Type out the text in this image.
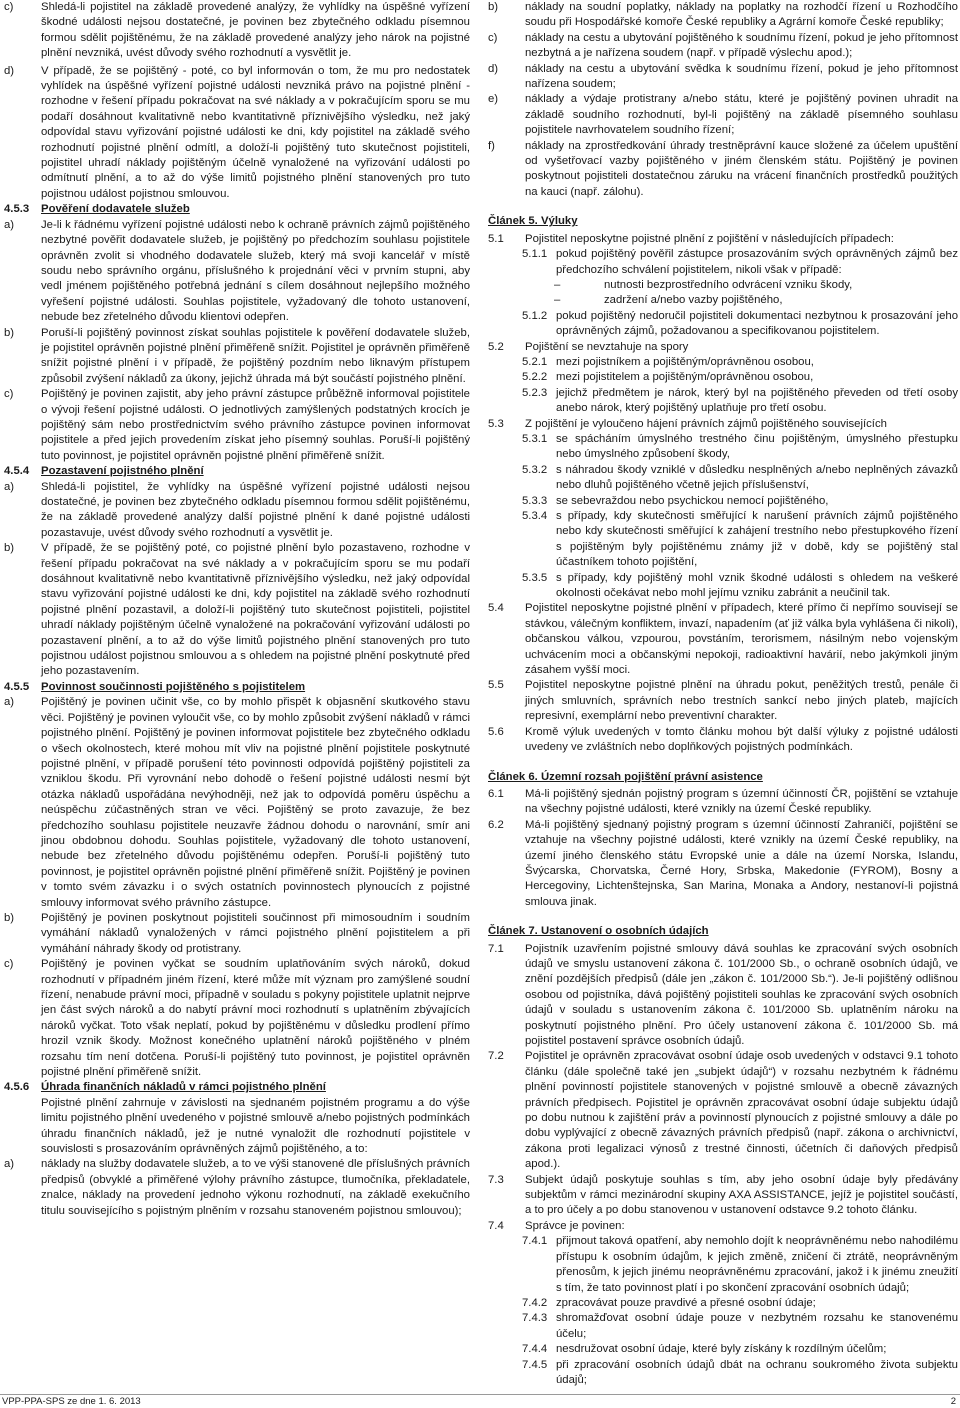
c)	Shledá-li pojistitel na základě provedené analýzy, že vyhlídky na úspěšné vyřízení škodné události nejsou dostatečné, je povinen bez zbytečného odkladu písemnou formou sdělit pojištěnému, že na základě provedené analýzy jeho nárok na pojistné plnění nevzniká, uvést důvody svého rozhodnutí a vysvětlit je.
d)	V případě, že se pojištěný - poté, co byl informován o tom, že mu pro nedostatek vyhlídek na úspěšné vyřízení pojistné události nevzniká právo na pojistné plnění - rozhodne v řešení případu pokračovat na své náklady a v pokračujícím sporu se mu podaří dosáhnout kvalitativně nebo kvantitativně příznivějšího výsledku, než jaký odpovídal stavu vyřizování pojistné události ke dni, kdy pojistitel na základě svého rozhodnutí pojistné plnění odmítl, a doloží-li pojištěný tuto skutečnost pojistiteli, pojistitel uhradí náklady pojištěným účelně vynaložené na vyřizování události po odmítnutí plnění, a to až do výše limitů pojistného plnění stanovených pro tuto pojistnou událost pojistnou smlouvou.
4.5.3	Pověření dodavatele služeb
a)	Je-li k řádnému vyřízení pojistné události nebo k ochraně právních zájmů pojištěného nezbytné pověřit dodavatele služeb, je pojištěný po předchozím souhlasu pojistitele oprávněn zvolit si vhodného dodavatele služeb, který má svoji kancelář v místě soudu nebo správního orgánu, příslušného k projednání věci v prvním stupni, aby vedl jménem pojištěného potřebná jednání s cílem dosáhnout nejlepšího možného vyřešení pojistné události. Souhlas pojistitele, vyžadovaný dle tohoto ustanovení, nebude bez zřetelného důvodu klientovi odepřen.
b)	Poruší-li pojištěný povinnost získat souhlas pojistitele k pověření dodavatele služeb, je pojistitel oprávněn pojistné plnění přiměřeně snížit. Pojistitel je oprávněn přiměřeně snížit pojistné plnění i v případě, že pojištěný pozdním nebo liknavým přístupem způsobil zvýšení nákladů za úkony, jejichž úhrada má být součástí pojistného plnění.
c)	Pojištěný je povinen zajistit, aby jeho právní zástupce průběžně informoval pojistitele o vývoji řešení pojistné události. O jednotlivých zamýšlených podstatných krocích je pojištěný sám nebo prostřednictvím svého právního zástupce povinen informovat pojistitele a před jejich provedením získat jeho písemný souhlas. Poruší-li pojištěný tuto povinnost, je pojistitel oprávněn pojistné plnění přiměřeně snížit.
4.5.4	Pozastavení pojistného plnění
a)	Shledá-li pojistitel, že vyhlídky na úspěšné vyřízení pojistné události nejsou dostatečné, je povinen bez zbytečného odkladu písemnou formou sdělit pojištěnému, že na základě provedené analýzy další pojistné plnění k dané pojistné události pozastavuje, uvést důvody svého rozhodnutí a vysvětlit je.
b)	V případě, že se pojištěný poté, co pojistné plnění bylo pozastaveno, rozhodne v řešení případu pokračovat na své náklady a v pokračujícím sporu se mu podaří dosáhnout kvalitativně nebo kvantitativně příznivějšího výsledku, než jaký odpovídal stavu vyřizování pojistné události ke dni, kdy pojistitel na základě svého rozhodnutí pojistné plnění pozastavil, a doloží-li pojištěný tuto skutečnost pojistiteli, pojistitel uhradí náklady pojištěným účelně vynaložené na pokračování vyřizování události po pozastavení plnění, a to až do výše limitů pojistného plnění stanovených pro tuto pojistnou událost pojistnou smlouvou a s ohledem na pojistné plnění poskytnuté před jeho pozastavením.
4.5.5	Povinnost součinnosti pojištěného s pojistitelem
a)	Pojištěný je povinen učinit vše, co by mohlo přispět k objasnění skutkového stavu věci. Pojištěný je povinen vyloučit vše, co by mohlo způsobit zvýšení nákladů v rámci pojistného plnění. Pojištěný je povinen informovat pojistitele bez zbytečného odkladu o všech okolnostech, které mohou mít vliv na pojistné plnění pojistitele poskytnuté pojistné plnění, v případě porušení této povinnosti odpovídá pojištěný pojistiteli za vzniklou škodu. Při vyrovnání nebo dohodě o řešení pojistné události nesmí být otázka nákladů uspořádána nevýhodněji, než jak to odpovídá poměru úspěchu a neúspěchu zúčastněných stran ve věci. Pojištěný se proto zavazuje, že bez předchozího souhlasu pojistitele neuzavře žádnou dohodu o narovnání, smír ani jinou obdobnou dohodu. Souhlas pojistitele, vyžadovaný dle tohoto ustanovení, nebude bez zřetelného důvodu pojištěnému odepřen. Poruší-li pojištěný tuto povinnost, je pojistitel oprávněn pojistné plnění přiměřeně snížit. Pojištěný je povinen v tomto svém závazku i o svých ostatních povinnostech plynoucích z pojistné smlouvy informovat svého právního zástupce.
b)	Pojištěný je povinen poskytnout pojistiteli součinnost při mimosoudním i soudním vymáhání nákladů vynaložených v rámci pojistného plnění pojistitelem a při vymáhání náhrady škody od protistrany.
c)	Pojištěný je povinen vyčkat se soudním uplatňováním svých nároků, dokud rozhodnutí v případném jiném řízení, které může mít význam pro zamýšlené soudní řízení, nenabude právní moci, případně v souladu s pokyny pojistitele uplatnit nejprve jen část svých nároků a do nabytí právní moci rozhodnutí s uplatněním zbývajících nároků vyčkat. Toto však neplatí, pokud by pojištěnému v důsledku prodlení přímo hrozil vznik škody. Možnost konečného uplatnění nároků pojištěného v plném rozsahu tím není dotčena. Poruší-li pojištěný tuto povinnost, je pojistitel oprávněn pojistné plnění přiměřeně snížit.
4.5.6	Úhrada finančních nákladů v rámci pojistného plnění
Pojistné plnění zahrnuje v závislosti na sjednaném pojistném programu a do výše limitu pojistného plnění uvedeného v pojistné smlouvě a/nebo pojistných podmínkách úhradu finančních nákladů, jež je nutné vynaložit dle rozhodnutí pojistitele v souvislosti s prosazováním oprávněných zájmů pojištěného, a to:
a)	náklady na služby dodavatele služeb, a to ve výši stanovené dle příslušných právních předpisů (obvyklé a přiměřené výlohy právního zástupce, tlumočníka, překladatele, znalce, náklady na provedení jednoho výkonu rozhodnutí, na základě exekučního titulu souvisejícího s pojistným plněním v rozsahu stanoveném pojistnou smlouvou);
b)	náklady na soudní poplatky, náklady na poplatky na rozhodčí řízení u Rozhodčího soudu při Hospodářské komoře České republiky a Agrární komoře České republiky;
c)	náklady na cestu a ubytování pojištěného k soudnímu řízení, pokud je jeho přítomnost nezbytná a je nařízena soudem (např. v případě výslechu apod.);
d)	náklady na cestu a ubytování svědka k soudnímu řízení, pokud je jeho přítomnost nařízena soudem;
e)	náklady a výdaje protistrany a/nebo státu, které je pojištěný povinen uhradit na základě soudního rozhodnutí, byl-li pojištěný na základě písemného souhlasu pojistitele navrhovatelem soudního řízení;
f)	náklady na zprostředkování úhrady trestněprávní kauce složené za účelem upuštění od vyšetřovací vazby pojištěného v jiném členském státu. Pojištěný je povinen poskytnout pojistiteli dostatečnou záruku na vrácení finančních prostředků použitých na kauci (např. zálohu).
Článek 5. Výluky
5.1	Pojistitel neposkytne pojistné plnění z pojištění v následujících případech:
5.1.1 pokud pojištěný pověřil zástupce prosazováním svých oprávněných zájmů bez předchozího schválení pojistitelem, nikoli však v případě:
–	nutnosti bezprostředního odvrácení vzniku škody,
–	zadržení a/nebo vazby pojištěného,
5.1.2 pokud pojištěný nedoručil pojistiteli dokumentaci nezbytnou k prosazování jeho oprávněných zájmů, požadovanou a specifikovanou pojistitelem.
5.2	Pojištění se nevztahuje na spory
5.2.1 mezi pojistníkem a pojištěným/oprávněnou osobou,
5.2.2 mezi pojistitelem a pojištěným/oprávněnou osobou,
5.2.3 jejichž předmětem je nárok, který byl na pojištěného převeden od třetí osoby anebo nárok, který pojištěný uplatňuje pro třetí osobu.
5.3	Z pojištění je vyloučeno hájení právních zájmů pojištěného souvisejících
5.3.1 se spácháním úmyslného trestného činu pojištěným, úmyslného přestupku nebo úmyslného způsobení škody,
5.3.2 s náhradou škody vzniklé v důsledku nesplněných a/nebo neplněných závazků nebo dluhů pojištěného včetně jejich příslušenství,
5.3.3 se sebevraždou nebo psychickou nemocí pojištěného,
5.3.4 s případy, kdy skutečnosti směřující k narušení právních zájmů pojištěného nebo kdy skutečnosti směřující k zahájení trestního nebo přestupkového řízení s pojištěným byly pojištěnému známy již v době, kdy se pojištěný stal účastníkem tohoto pojištění,
5.3.5 s případy, kdy pojištěný mohl vznik škodné události s ohledem na veškeré okolnosti očekávat nebo mohl jejímu vzniku zabránit a neučinil tak.
5.4	Pojistitel neposkytne pojistné plnění v případech, které přímo či nepřímo souvisejí se stávkou, válečným konfliktem, invazí, napadením (ať již válka byla vyhlášena či nikoli), občanskou válkou, vzpourou, povstáním, terorismem, násilným nebo vojenským uchvácením moci a občanskými nepokoji, radioaktivní havárií, nebo jakýmkoli jiným zásahem vyšší moci.
5.5	Pojistitel neposkytne pojistné plnění na úhradu pokut, peněžitých trestů, penále či jiných smluvních, správních nebo trestních sankcí nebo jiných plateb, majících represivní, exemplární nebo preventivní charakter.
5.6	Kromě výluk uvedených v tomto článku mohou být další výluky z pojistné události uvedeny ve zvláštních nebo doplňkových pojistných podmínkách.
Článek 6. Územní rozsah pojištění právní asistence
6.1	Má-li pojištěný sjednán pojistný program s územní účinností ČR, pojištění se vztahuje na všechny pojistné události, které vznikly na území České republiky.
6.2	Má-li pojištěný sjednaný pojistný program s územní účinností Zahraničí, pojištění se vztahuje na všechny pojistné události, které vznikly na území České republiky, na území jiného členského státu Evropské unie a dále na území Norska, Islandu, Švýcarska, Chorvatska, Černé Hory, Srbska, Makedonie (FYROM), Bosny a Hercegoviny, Lichtenštejnska, San Marina, Monaka a Andory, nestanoví-li pojistná smlouva jinak.
Článek 7. Ustanovení o osobních údajích
7.1	Pojistník uzavřením pojistné smlouvy dává souhlas ke zpracování svých osobních údajů ve smyslu ustanovení zákona č. 101/2000 Sb., o ochraně osobních údajů, ve znění pozdějších předpisů (dále jen „zákon č. 101/2000 Sb.“). Je-li pojištěný odlišnou osobou od pojistníka, dává pojištěný pojistiteli souhlas ke zpracování svých osobních údajů v souladu s ustanovením zákona č. 101/2000 Sb. uplatněním nároku na poskytnutí pojistného plnění. Pro účely ustanovení zákona č. 101/2000 Sb. má pojistitel postavení správce osobních údajů.
7.2	Pojistitel je oprávněn zpracovávat osobní údaje osob uvedených v odstavci 9.1 tohoto článku (dále společně také jen „subjekt údajů“) v rozsahu nezbytném k řádnému plnění povinností pojistitele stanovených v pojistné smlouvě a obecně závazných právních předpisech. Pojistitel je oprávněn zpracovávat osobní údaje subjektu údajů po dobu nutnou k zajištění práv a povinností plynoucích z pojistné smlouvy a dále po dobu vyplývající z obecně závazných právních předpisů (např. zákona o archivnictví, zákona proti legalizaci výnosů z trestné činnosti, účetních či daňových předpisů apod.).
7.3	Subjekt údajů poskytuje souhlas s tím, aby jeho osobní údaje byly předávány subjektům v rámci mezinárodní skupiny AXA ASSISTANCE, jejíž je pojistitel součástí, a to pro účely a po dobu stanovenou v ustanovení odstavce 9.2 tohoto článku.
7.4	Správce je povinen:
7.4.1 přijmout taková opatření, aby nemohlo dojít k neoprávněnému nebo nahodilému přístupu k osobním údajům, k jejich změně, zničení či ztrátě, neoprávněným přenosům, k jejich jinému neoprávněnému zpracování, jakož i k jinému zneužití s tím, že tato povinnost platí i po skončení zpracování osobních údajů;
7.4.2 zpracovávat pouze pravdivé a přesné osobní údaje;
7.4.3 shromažďovat osobní údaje pouze v nezbytném rozsahu ke stanovenému účelu;
7.4.4 nesdružovat osobní údaje, které byly získány k rozdílným účelům;
7.4.5 při zpracování osobních údajů dbát na ochranu soukromého života subjektu údajů;
VPP-PPA-SPS ze dne 1. 6. 2013	2
